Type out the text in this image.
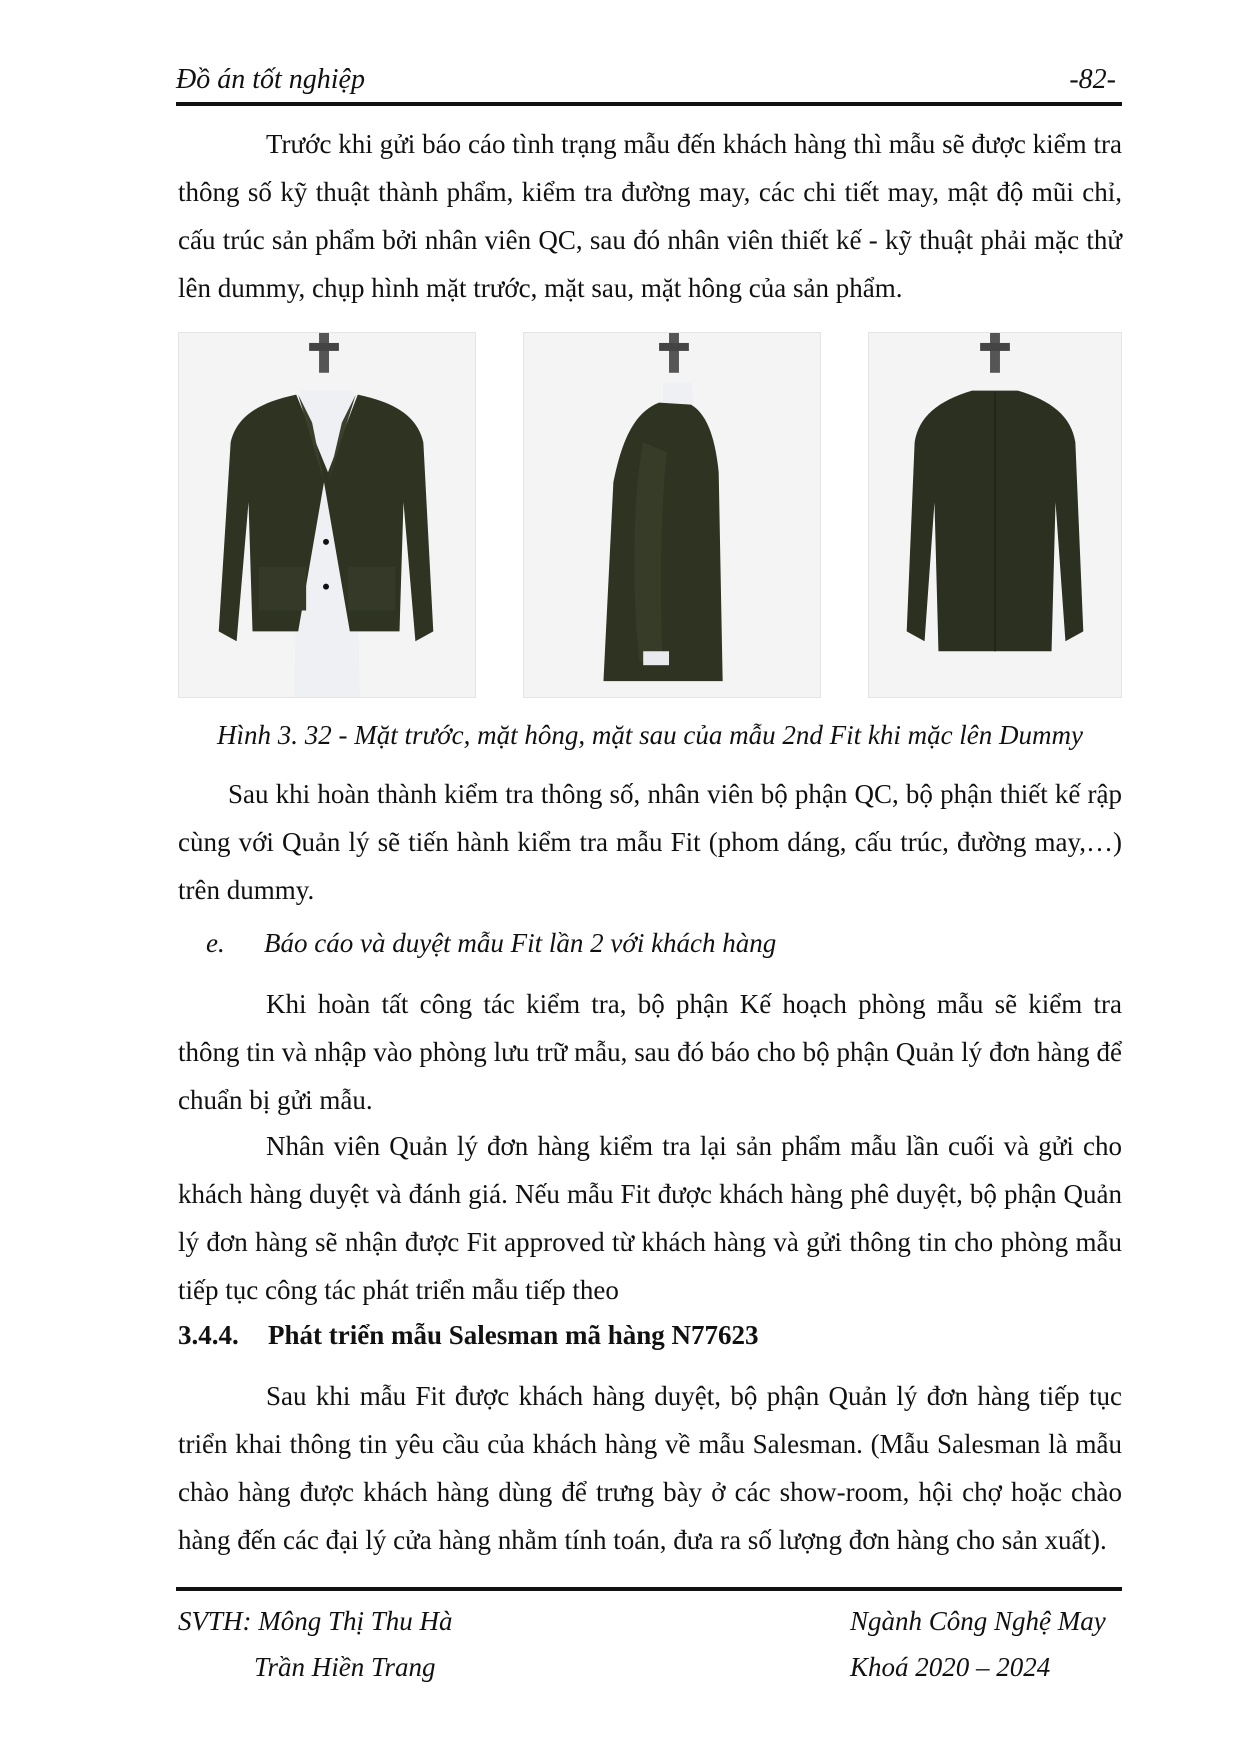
Đồ án tốt nghiệp	-82-

Trước khi gửi báo cáo tình trạng mẫu đến khách hàng thì mẫu sẽ được kiểm tra thông số kỹ thuật thành phẩm, kiểm tra đường may, các chi tiết may, mật độ mũi chỉ, cấu trúc sản phẩm bởi nhân viên QC, sau đó nhân viên thiết kế - kỹ thuật phải mặc thử lên dummy, chụp hình mặt trước, mặt sau, mặt hông của sản phẩm.

Hình 3. 32 - Mặt trước, mặt hông, mặt sau của mẫu 2nd Fit khi mặc lên Dummy

Sau khi hoàn thành kiểm tra thông số, nhân viên bộ phận QC, bộ phận thiết kế rập cùng với Quản lý sẽ tiến hành kiểm tra mẫu Fit (phom dáng, cấu trúc, đường may,…) trên dummy.

e. Báo cáo và duyệt mẫu Fit lần 2 với khách hàng

Khi hoàn tất công tác kiểm tra, bộ phận Kế hoạch phòng mẫu sẽ kiểm tra thông tin và nhập vào phòng lưu trữ mẫu, sau đó báo cho bộ phận Quản lý đơn hàng để chuẩn bị gửi mẫu.

Nhân viên Quản lý đơn hàng kiểm tra lại sản phẩm mẫu lần cuối và gửi cho khách hàng duyệt và đánh giá. Nếu mẫu Fit được khách hàng phê duyệt, bộ phận Quản lý đơn hàng sẽ nhận được Fit approved từ khách hàng và gửi thông tin cho phòng mẫu tiếp tục công tác phát triển mẫu tiếp theo

3.4.4. Phát triển mẫu Salesman mã hàng N77623

Sau khi mẫu Fit được khách hàng duyệt, bộ phận Quản lý đơn hàng tiếp tục triển khai thông tin yêu cầu của khách hàng về mẫu Salesman. (Mẫu Salesman là mẫu chào hàng được khách hàng dùng để trưng bày ở các show-room, hội chợ hoặc chào hàng đến các đại lý cửa hàng nhằm tính toán, đưa ra số lượng đơn hàng cho sản xuất).

SVTH: Mông Thị Thu Hà	Ngành Công Nghệ May
Trần Hiền Trang	Khoá 2020 – 2024
